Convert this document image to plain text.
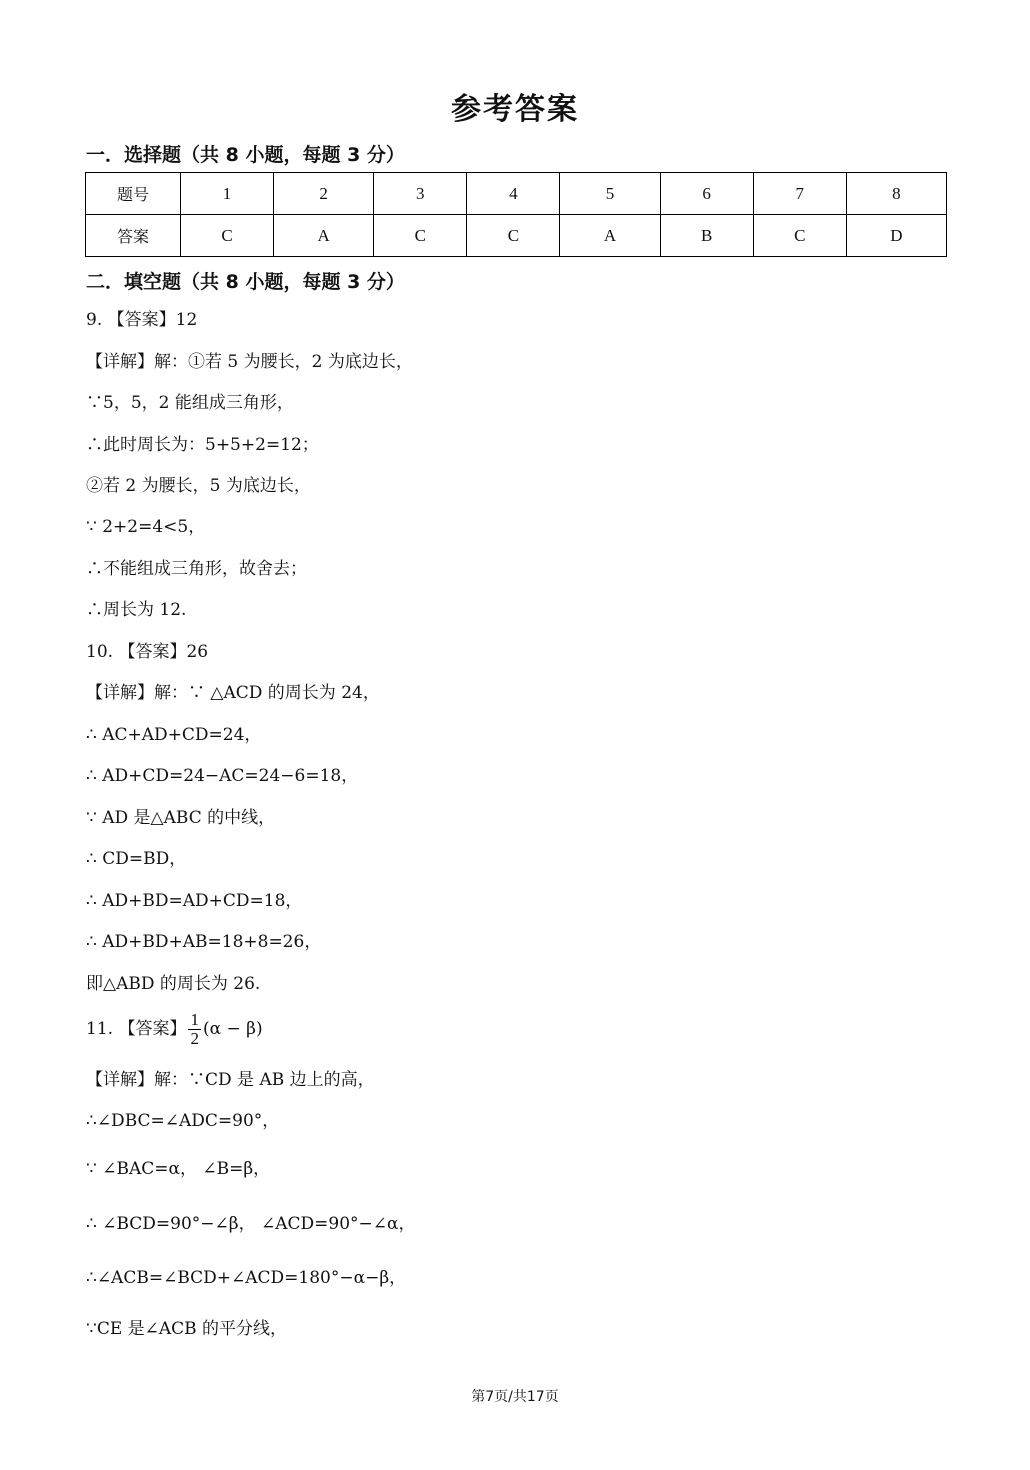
参考答案
一．选择题（共 8 小题，每题 3 分）
题号	1	2	3	4	5	6	7	8
答案	C	A	C	C	A	B	C	D
二．填空题（共 8 小题，每题 3 分）
9. 【答案】12
【详解】解：①若 5 为腰长，2 为底边长，
∵5，5，2 能组成三角形，
∴此时周长为：5+5+2=12；
②若 2 为腰长，5 为底边长，
∵ 2+2=4<5，
∴不能组成三角形，故舍去；
∴周长为 12.
10. 【答案】26
【详解】解：∵ △ACD 的周长为 24，
∴ AC+AD+CD=24，
∴ AD+CD=24−AC=24−6=18，
∵ AD 是△ABC 的中线，
∴ CD=BD，
∴ AD+BD=AD+CD=18，
∴ AD+BD+AB=18+8=26，
即△ABD 的周长为 26.
11. 【答案】 $\frac{1}{2} (\alpha - \beta)$
【详解】解：∵CD 是 AB 边上的高，
∴∠DBC=∠ADC=90°，
∵ ∠BAC=α， ∠B=β，
∴ ∠BCD=90°−∠β， ∠ACD=90°−∠α，
∴∠ACB=∠BCD+∠ACD=180°−α−β，
∵CE 是∠ACB 的平分线，
第7页/共17页
